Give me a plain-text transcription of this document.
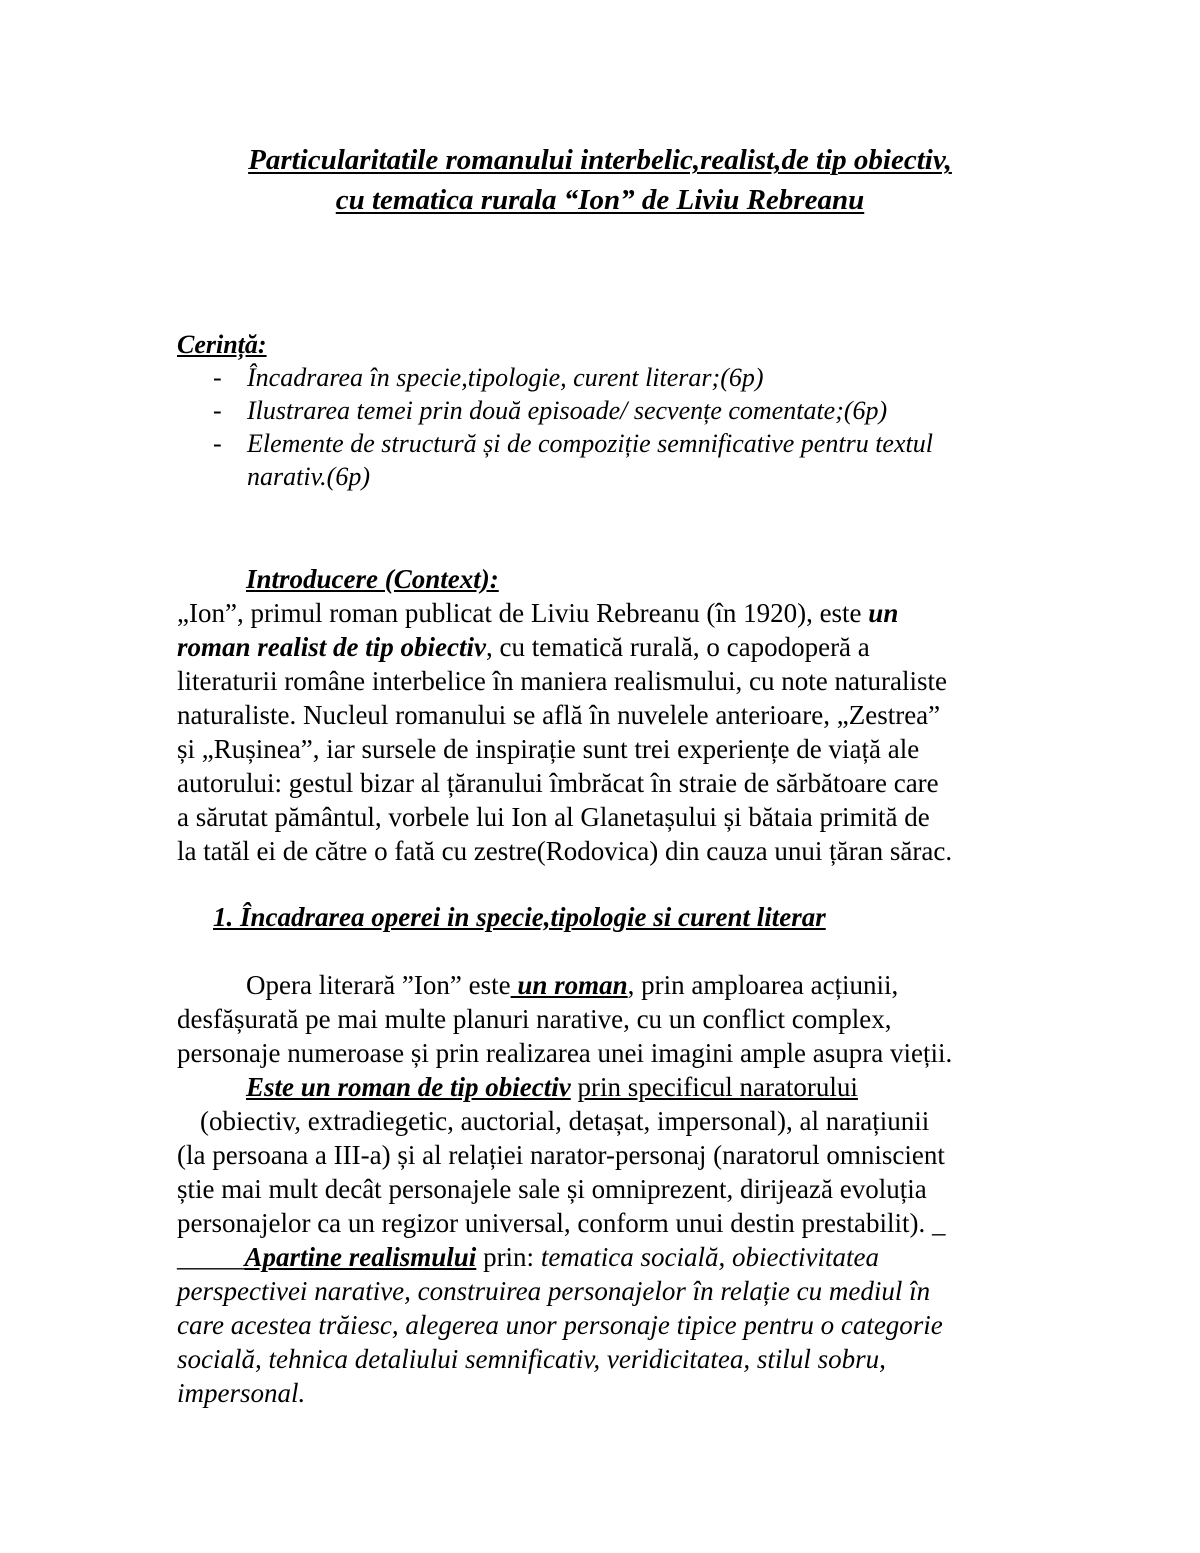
Particularitatile romanului interbelic,realist,de tip obiectiv,
cu tematica rurala “Ion” de Liviu Rebreanu
Cerință:
- Încadrarea în specie,tipologie, curent literar;(6p)
- Ilustrarea temei prin două episoade/ secvențe comentate;(6p)
- Elemente de structură și de compoziție semnificative pentru textul narativ.(6p)
Introducere (Context):
„Ion”, primul roman publicat de Liviu Rebreanu (în 1920), este un
roman realist de tip obiectiv, cu tematică rurală, o capodoperă a
literaturii române interbelice în maniera realismului, cu note naturaliste
naturaliste. Nucleul romanului se află în nuvelele anterioare, „Zestrea”
și „Rușinea”, iar sursele de inspirație sunt trei experiențe de viață ale
autorului: gestul bizar al țăranului îmbrăcat în straie de sărbătoare care
a sărutat pământul, vorbele lui Ion al Glanetașului și bătaia primită de
la tatăl ei de către o fată cu zestre(Rodovica) din cauza unui țăran sărac.
1. Încadrarea operei in specie,tipologie si curent literar
Opera literară ”Ion” este un roman, prin amploarea acțiunii,
desfășurată pe mai multe planuri narative, cu un conflict complex,
personaje numeroase și prin realizarea unei imagini ample asupra vieții.
Este un roman de tip obiectiv prin specificul naratorului
(obiectiv, extradiegetic, auctorial, detașat, impersonal), al narațiunii
(la persoana a III-a) și al relației narator-personaj (naratorul omniscient
știe mai mult decât personajele sale și omniprezent, dirijează evoluția
personajelor ca un regizor universal, conform unui destin prestabilit). _
_____Apartine realismului prin: tematica socială, obiectivitatea
perspectivei narative, construirea personajelor în relație cu mediul în
care acestea trăiesc, alegerea unor personaje tipice pentru o categorie
socială, tehnica detaliului semnificativ, veridicitatea, stilul sobru,
impersonal.
